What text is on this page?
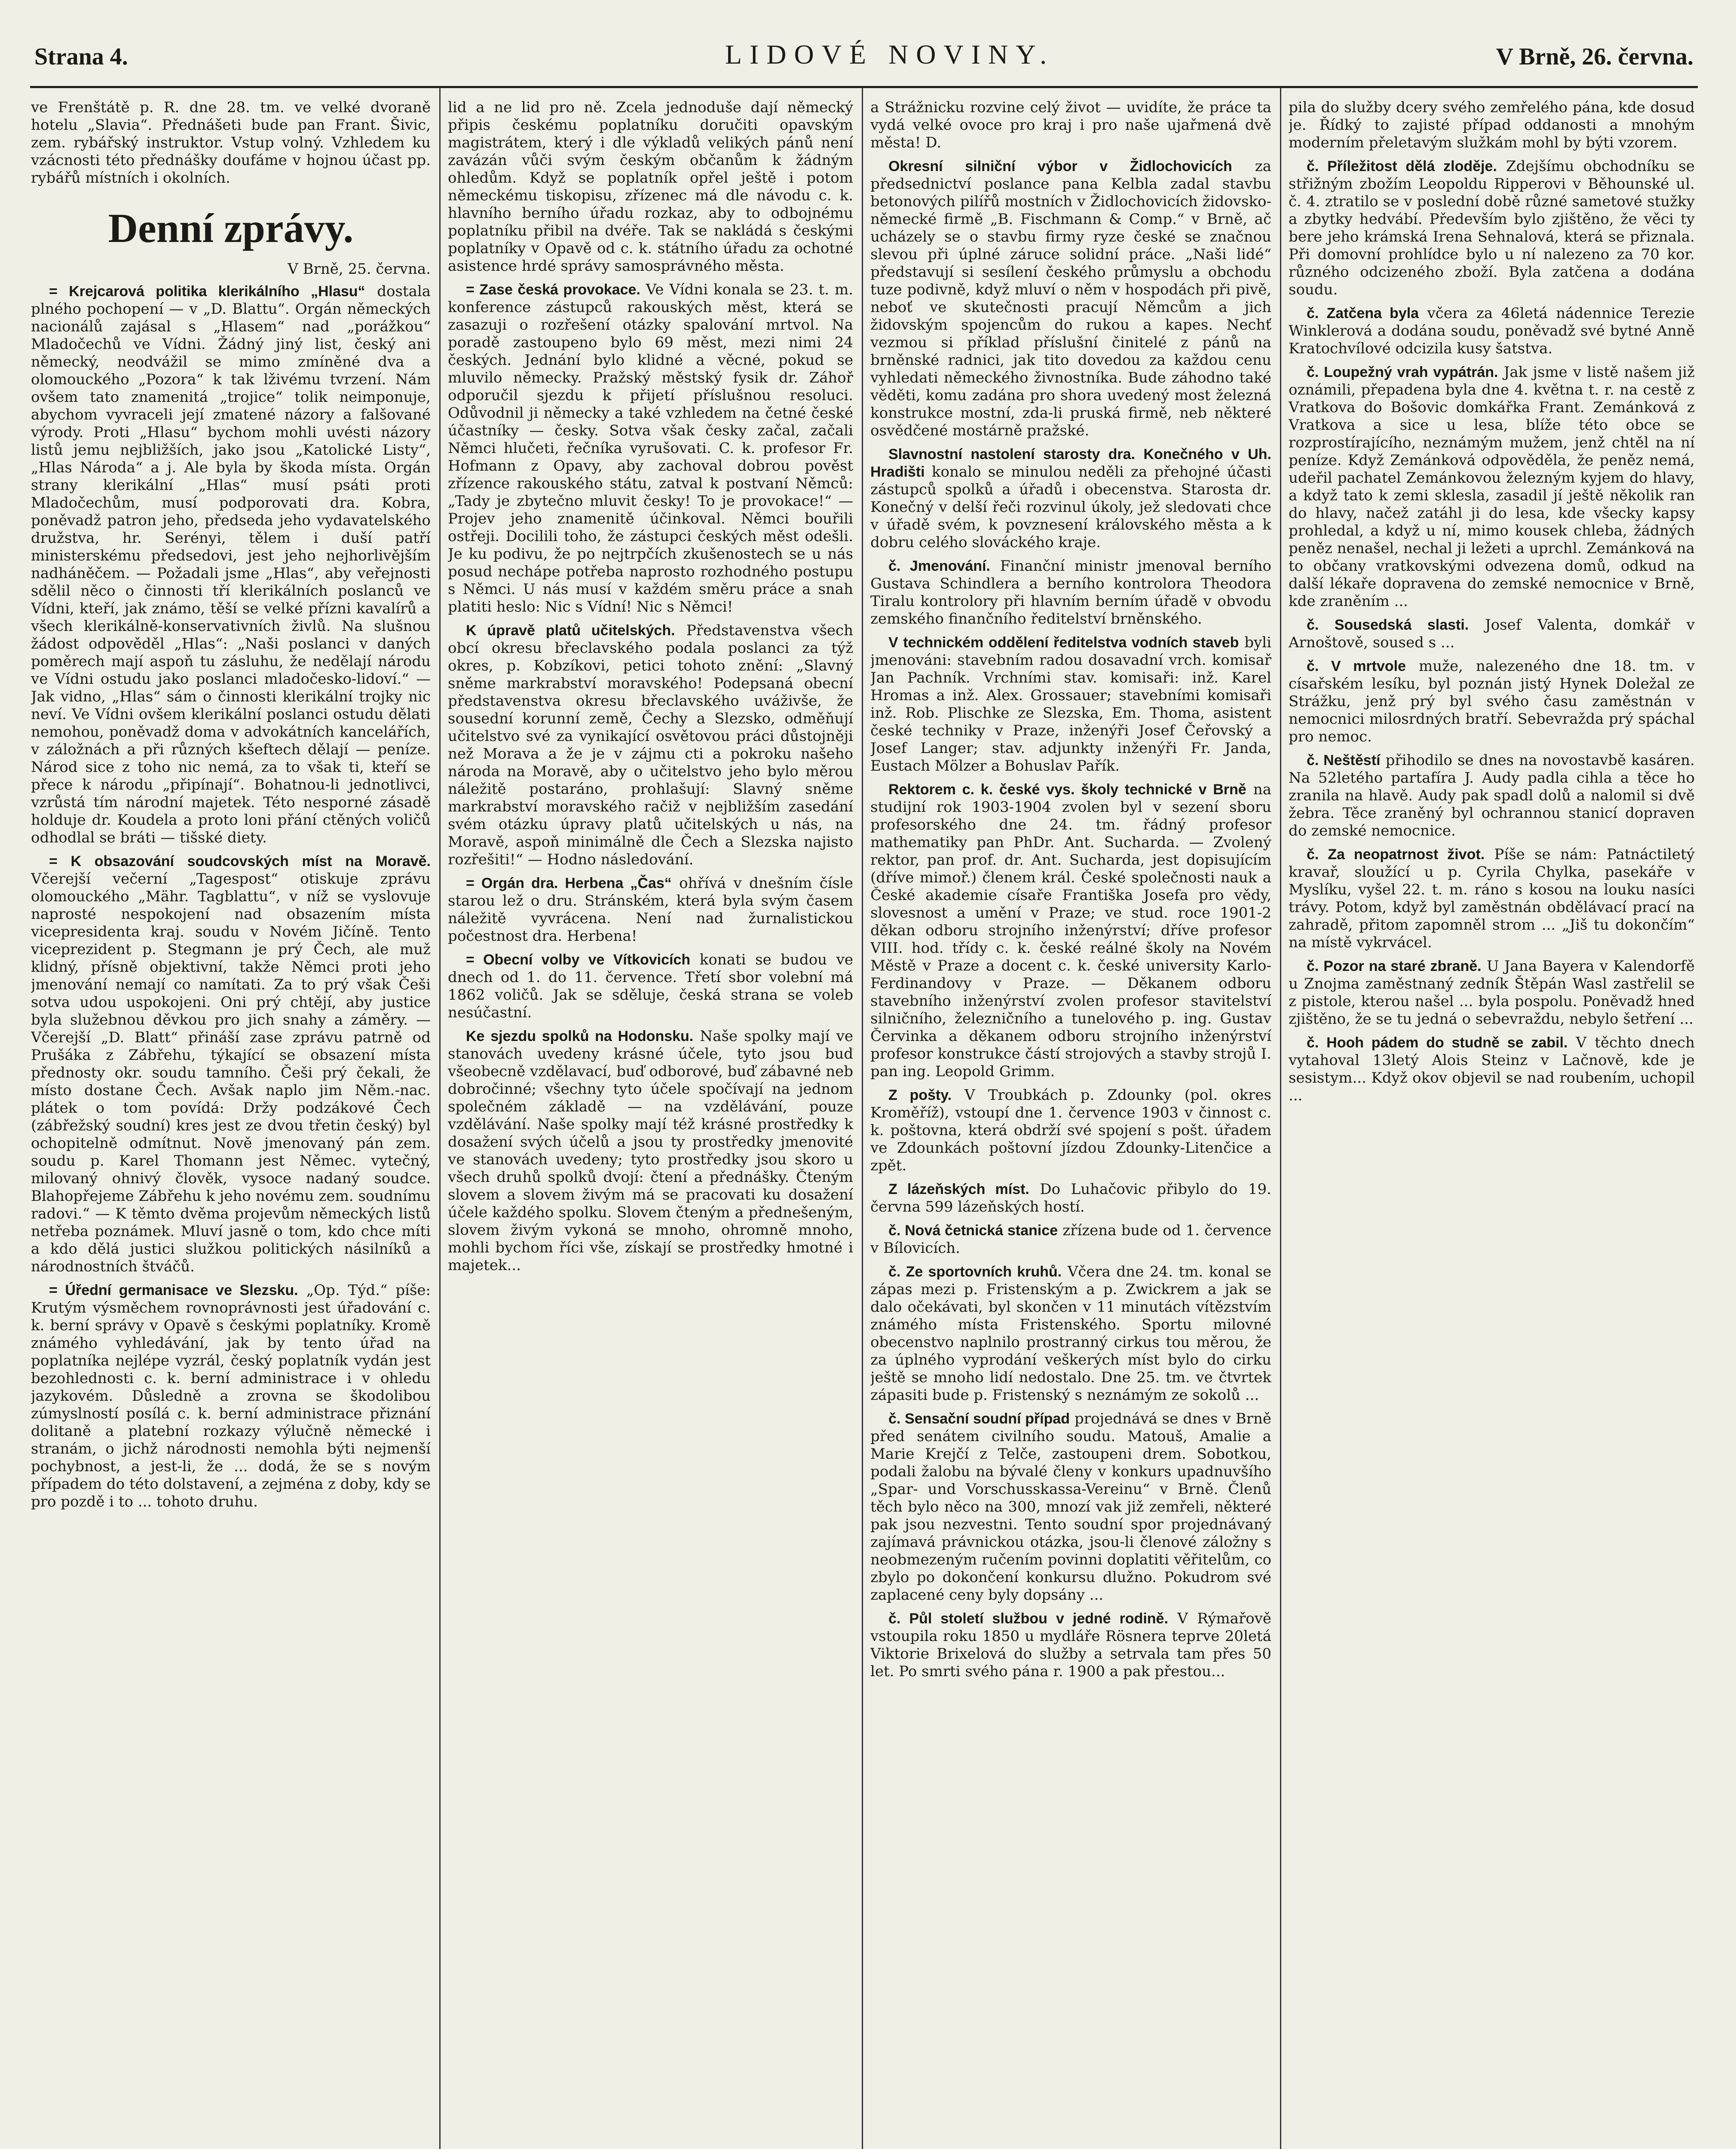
Strana 4.	LIDOVÉ NOVINY.	V Brně, 26. června.

ve Frenštátě p. R. dne 28. tm. ve velké dvoraně hotelu „Slavia“. Přednášeti bude pan Frant. Šivic, zem. rybářský instruktor. Vstup volný. Vzhledem ku vzácnosti této přednášky doufáme v hojnou účast pp. rybářů místních i okolních.

Denní zprávy.
V Brně, 25. června.

= Krejcarová politika klerikálního „Hlasu“ dostala plného pochopení — v „D. Blattu“. Orgán německých nacionálů zajásal s „Hlasem“ nad „porážkou“ Mladočechů ve Vídni. Žádný jiný list, český ani německý, neodvážil se mimo zmíněné dva a olomouckého „Pozora“ k tak lživému tvrzení. Nám ovšem tato znamenitá „trojice“ tolik neimponuje, abychom vyvraceli její zmatené názory a falšované výrody. Proti „Hlasu“ bychom mohli uvésti názory listů jemu nejbližších, jako jsou „Katolické Listy“, „Hlas Národa“ a j. Ale byla by škoda místa. Orgán strany klerikální „Hlas“ musí psáti proti Mladočechům, musí podporovati dra. Kobra, poněvadž patron jeho, předseda jeho vydavatelského družstva, hr. Serényi, tělem i duší patří ministerskému předsedovi, jest jeho nejhorlivějším nadháněčem. — Požadali jsme „Hlas“, aby veřejnosti sdělil něco o činnosti tří klerikálních poslanců ve Vídni, kteří, jak známo, těší se velké přízni kavalírů a všech klerikálně-konservativních živlů. Na slušnou žádost odpověděl „Hlas“: „Naši poslanci v daných poměrech mají aspoň tu zásluhu, že nedělají národu ve Vídni ostudu jako poslanci mladočesko-lidoví.“ — Jak vidno, „Hlas“ sám o činnosti klerikální trojky nic neví. Ve Vídni ovšem klerikální poslanci ostudu dělati nemohou, poněvadž doma v advokátních kancelářích, v záložnách a při různých kšeftech dělají — peníze. Národ sice z toho nic nemá, za to však ti, kteří se přece k národu „připínají“. Bohatnou-li jednotlivci, vzrůstá tím národní majetek. Této nesporné zásadě holduje dr. Koudela a proto loni přání ctěných voličů odhodlal se bráti — tišské diety.

= K obsazování soudcovských míst na Moravě. Včerejší večerní „Tagespost“ otiskuje zprávu olomouckého „Mähr. Tagblattu“, v níž se vyslovuje naprosté nespokojení nad obsazením místa vicepresidenta kraj. soudu v Novém Jičíně. Tento viceprezident p. Stegmann je prý Čech, ale muž klidný, přísně objektivní, takže Němci proti jeho jmenování nemají co namítati. Za to prý však Češi sotva udou uspokojeni. Oni prý chtějí, aby justice byla služebnou děvkou pro jich snahy a záměry. — Včerejší „D. Blatt“ přináší zase zprávu patrně od Prušáka z Zábřehu, týkající se obsazení místa přednosty okr. soudu tamního. Češi prý čekali, že místo dostane Čech. Avšak naplo jim Něm.-nac. plátek o tom povídá: Držy podzákové Čech (zábřežský soudní) kres jest ze dvou třetin český) byl ochopitelně odmítnut. Nově jmenovaný pán zem. soudu p. Karel Thomann jest Němec. vytečný, milovaný ohnivý člověk, vysoce nadaný soudce. Blahopřejeme Zábřehu k jeho novému zem. soudnímu radovi.“ — K těmto dvěma projevům německých listů netřeba poznámek. Mluví jasně o tom, kdo chce míti a kdo dělá justici služkou politických násilníků a národnostních štváčů.

= Úřední germanisace ve Slezsku. „Op. Týd.“ píše: Krutým výsměchem rovnoprávnosti jest úřadování c. k. berní správy v Opavě s českými poplatníky. Kromě známého vyhledávání, jak by tento úřad na poplatníka nejlépe vyzrál, český poplatník vydán jest bezohlednosti c. k. berní administrace i v ohledu jazykovém. Důsledně a zrovna se škodolibou zúmyslností posílá c. k. berní administrace přiznání dolitaně a platební rozkazy výlučně německé i stranám, o jichž národnosti nemohla býti nejmenší pochybnost, a jest-li, že ... dodá, že se s novým případem do této dolstavení, a zejména z doby, kdy se pro pozdě i to ... tohoto druhu.

lid a ne lid pro ně. Zcela jednoduše dají německý připis českému poplatníku doručiti opavským magistrátem, který i dle výkladů velikých pánů není zavázán vůči svým českým občanům k žádným ohledům. Když se poplatník opřel ještě i potom německému tiskopisu, zřízenec má dle návodu c. k. hlavního berního úřadu rozkaz, aby to odbojnému poplatníku přibil na dvéře. Tak se nakládá s českými poplatníky v Opavě od c. k. státního úřadu za ochotné asistence hrdé správy samosprávného města.

= Zase česká provokace. Ve Vídni konala se 23. t. m. konference zástupců rakouských měst, která se zasazuji o rozřešení otázky spalování mrtvol. Na poradě zastoupeno bylo 69 měst, mezi nimi 24 českých. Jednání bylo klidné a věcné, pokud se mluvilo německy. Pražský městský fysik dr. Záhoř odporučil sjezdu k přijetí příslušnou resoluci. Odůvodnil ji německy a také vzhledem na četné české účastníky — česky. Sotva však česky začal, začali Němci hlučeti, řečníka vyrušovati. C. k. profesor Fr. Hofmann z Opavy, aby zachoval dobrou pověst zřízence rakouského státu, zatval k postvaní Němců: „Tady je zbytečno mluvit česky! To je provokace!“ — Projev jeho znamenitě účinkoval. Němci bouřili ostřeji. Docilili toho, že zástupci českých měst odešli. Je ku podivu, že po nejtrpčích zkušenostech se u nás posud nechápe potřeba naprosto rozhodného postupu s Němci. U nás musí v každém směru práce a snah platiti heslo: Nic s Vídní! Nic s Němci!

K úpravě platů učitelských. Představenstva všech obcí okresu břeclavského podala poslanci za týž okres, p. Kobzíkovi, petici tohoto znění: „Slavný sněme markrabství moravského! Podepsaná obecní představenstva okresu břeclavského uváživše, že sousední korunní země, Čechy a Slezsko, odměňují učitelstvo své za vynikající osvětovou práci důstojněji než Morava a že je v zájmu cti a pokroku našeho národa na Moravě, aby o učitelstvo jeho bylo měrou náležitě postaráno, prohlašují: Slavný sněme markrabství moravského račiž v nejbližším zasedání svém otázku úpravy platů učitelských u nás, na Moravě, aspoň minimálně dle Čech a Slezska najisto rozřešiti!“ — Hodno následování.

= Orgán dra. Herbena „Čas“ ohřívá v dnešním čísle starou lež o dru. Stránském, která byla svým časem náležitě vyvrácena. Není nad žurnalistickou počestnost dra. Herbena!

= Obecní volby ve Vítkovicích konati se budou ve dnech od 1. do 11. července. Třetí sbor volební má 1862 voličů. Jak se sděluje, česká strana se voleb nesúčastní.

Ke sjezdu spolků na Hodonsku. Naše spolky mají ve stanovách uvedeny krásné účele, tyto jsou buď všeobecně vzdělavací, buď odborové, buď zábavné neb dobročinné; všechny tyto účele spočívají na jednom společném základě — na vzdělávání, pouze vzdělávání. Naše spolky mají též krásné prostředky k dosažení svých účelů a jsou ty prostředky jmenovité ve stanovách uvedeny; tyto prostředky jsou skoro u všech druhů spolků dvojí: čtení a přednášky. Čteným slovem a slovem živým má se pracovati ku dosažení účele každého spolku. Slovem čteným a přednešeným, slovem živým vykoná se mnoho, ohromně mnoho, mohli bychom říci vše, získají se prostředky hmotné i majetek...

a Strážnicku rozvine celý život — uvidíte, že práce ta vydá velké ovoce pro kraj i pro naše ujařmená dvě města! D.

Okresní silniční výbor v Židlochovicích za předsednictví poslance pana Kelbla zadal stavbu betonových pilířů mostních v Židlochovicích židovsko-německé firmě „B. Fischmann & Comp.“ v Brně, ač ucházely se o stavbu firmy ryze české se značnou slevou při úplné záruce solidní práce. „Naši lidé“ představují si sesílení českého průmyslu a obchodu tuze podivně, když mluví o něm v hospodách při pivě, neboť ve skutečnosti pracují Němcům a jich židovským spojencům do rukou a kapes. Nechť vezmou si příklad příslušní činitelé z pánů na brněnské radnici, jak tito dovedou za každou cenu vyhledati německého živnostníka. Bude záhodno také věděti, komu zadána pro shora uvedený most železná konstrukce mostní, zda-li pruská firmě, neb některé osvědčené mostárně pražské.

Slavnostní nastolení starosty dra. Konečného v Uh. Hradišti konalo se minulou neděli za přehojné účasti zástupců spolků a úřadů i obecenstva. Starosta dr. Konečný v delší řeči rozvinul úkoly, jež sledovati chce v úřadě svém, k povznesení královského města a k dobru celého slováckého kraje.

č. Jmenování. Finanční ministr jmenoval berního Gustava Schindlera a berního kontrolora Theodora Tiralu kontrolory při hlavním berním úřadě v obvodu zemského finančního ředitelství brněnského.

V technickém oddělení ředitelstva vodních staveb byli jmenováni: stavebním radou dosavadní vrch. komisař Jan Pachník. Vrchními stav. komisaři: inž. Karel Hromas a inž. Alex. Grossauer; stavebními komisaři inž. Rob. Plischke ze Slezska, Em. Thoma, asistent české techniky v Praze, inženýři Josef Čeřovský a Josef Langer; stav. adjunkty inženýři Fr. Janda, Eustach Mölzer a Bohuslav Pařík.

Rektorem c. k. české vys. školy technické v Brně na studijní rok 1903-1904 zvolen byl v sezení sboru profesorského dne 24. tm. řádný profesor mathematiky pan PhDr. Ant. Sucharda. — Zvolený rektor, pan prof. dr. Ant. Sucharda, jest dopisujícím (dříve mimoř.) členem král. České společnosti nauk a České akademie císaře Františka Josefa pro vědy, slovesnost a umění v Praze; ve stud. roce 1901-2 děkan odboru strojního inženýrství; dříve profesor VIII. hod. třídy c. k. české reálné školy na Novém Městě v Praze a docent c. k. české university Karlo-Ferdinandovy v Praze. — Děkanem odboru stavebního inženýrství zvolen profesor stavitelství silničního, železničního a tunelového p. ing. Gustav Červinka a děkanem odboru strojního inženýrství profesor konstrukce částí strojových a stavby strojů I. pan ing. Leopold Grimm.

Z pošty. V Troubkách p. Zdounky (pol. okres Kroměříž), vstoupí dne 1. července 1903 v činnost c. k. poštovna, která obdrží své spojení s pošt. úřadem ve Zdounkách poštovní jízdou Zdounky-Litenčice a zpět.

Z lázeňských míst. Do Luhačovic přibylo do 19. června 599 lázeňských hostí.

č. Nová četnická stanice zřízena bude od 1. července v Bílovicích.

č. Ze sportovních kruhů. Včera dne 24. tm. konal se zápas mezi p. Fristenským a p. Zwickrem a jak se dalo očekávati, byl skončen v 11 minutách vítězstvím známého místa Fristenského. Sportu milovné obecenstvo naplnilo prostranný cirkus tou měrou, že za úplného vyprodání veškerých míst bylo do cirku ještě se mnoho lidí nedostalo. Dne 25. tm. ve čtvrtek zápasiti bude p. Fristenský s neznámým ze sokolů ...

č. Sensační soudní případ projednává se dnes v Brně před senátem civilního soudu. Matouš, Amalie a Marie Krejčí z Telče, zastoupeni drem. Sobotkou, podali žalobu na bývalé členy v konkurs upadnuvšího „Spar- und Vorschusskassa-Vereinu“ v Brně. Členů těch bylo něco na 300, mnozí vak již zemřeli, některé pak jsou nezvestni. Tento soudní spor projednávaný zajímavá právnickou otázka, jsou-li členové záložny s neobmezeným ručením povinni doplatiti věřitelům, co zbylo po dokončení konkursu dlužno. Pokudrom své zaplacené ceny byly dopsány ...

č. Půl století službou v jedné rodině. V Rýmařově vstoupila roku 1850 u mydláře Rösnera teprve 20letá Viktorie Brixelová do služby a setrvala tam přes 50 let. Po smrti svého pána r. 1900 a pak přestou...

pila do služby dcery svého zemřelého pána, kde dosud je. Řídký to zajisté případ oddanosti a mnohým moderním přeletavým služkám mohl by býti vzorem.

č. Příležitost dělá zloděje. Zdejšímu obchodníku se střižným zbožím Leopoldu Ripperovi v Běhounské ul. č. 4. ztratilo se v poslední době různé sametové stužky a zbytky hedvábí. Především bylo zjištěno, že věci ty bere jeho krámská Irena Sehnalová, která se přiznala. Při domovní prohlídce bylo u ní nalezeno za 70 kor. různého odcizeného zboží. Byla zatčena a dodána soudu.

č. Zatčena byla včera za 46letá nádennice Terezie Winklerová a dodána soudu, poněvadž své bytné Anně Kratochvílové odcizila kusy šatstva.

č. Loupežný vrah vypátrán. Jak jsme v listě našem již oznámili, přepadena byla dne 4. května t. r. na cestě z Vratkova do Bošovic domkářka Frant. Zemánková z Vratkova a sice u lesa, blíže této obce se rozprostírajícího, neznámým mužem, jenž chtěl na ní peníze. Když Zemánková odpověděla, že peněz nemá, udeřil pachatel Zemánkovou železným kyjem do hlavy, a když tato k zemi sklesla, zasadil jí ještě několik ran do hlavy, načež zatáhl ji do lesa, kde všecky kapsy prohledal, a když u ní, mimo kousek chleba, žádných peněz nenašel, nechal ji ležeti a uprchl. Zemánková na to občany vratkovskými odvezena domů, odkud na další lékaře dopravena do zemské nemocnice v Brně, kde zraněním ...

č. Sousedská slasti. Josef Valenta, domkář v Arnoštově, soused s ...

č. V mrtvole muže, nalezeného dne 18. tm. v císařském lesíku, byl poznán jistý Hynek Doležal ze Strážku, jenž prý byl svého času zaměstnán v nemocnici milosrdných bratří. Sebevražda prý spáchal pro nemoc.

č. Neštěstí přihodilo se dnes na novostavbě kasáren. Na 52letého partafíra J. Audy padla cihla a těce ho zranila na hlavě. Audy pak spadl dolů a nalomil si dvě žebra. Těce zraněný byl ochrannou stanicí dopraven do zemské nemocnice.

č. Za neopatrnost život. Píše se nám: Patnáctiletý kravař, sloužící u p. Cyrila Chylka, pasekáře v Myslíku, vyšel 22. t. m. ráno s kosou na louku nasíci trávy. Potom, když byl zaměstnán obdělávací prací na zahradě, přitom zapomněl strom ... „Jiš tu dokončím“ na místě vykrvácel.

č. Pozor na staré zbraně. U Jana Bayera v Kalendorfě u Znojma zaměstnaný zedník Štěpán Wasl zastřelil se z pistole, kterou našel ... byla pospolu. Poněvadž hned zjištěno, že se tu jedná o sebevraždu, nebylo šetření ...

č. Hooh pádem do studně se zabil. V těchto dnech vytahoval 13letý Alois Steinz v Lačnově, kde je sesistym... Když okov objevil se nad roubením, uchopil ...
